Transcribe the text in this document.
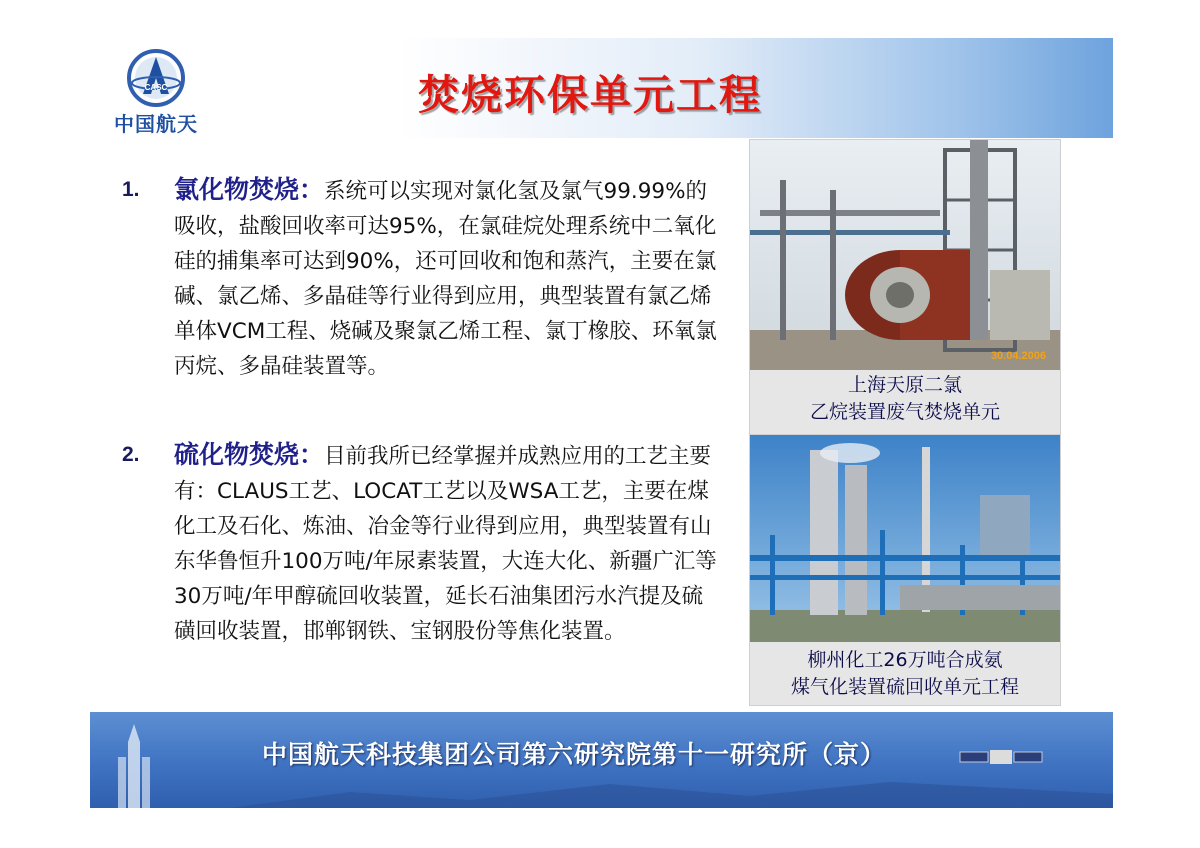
CASC
中国航天
焚烧环保单元工程
1. 氯化物焚烧：系统可以实现对氯化氢及氯气99.99%的吸收，盐酸回收率可达95%，在氯硅烷处理系统中二氧化硅的捕集率可达到90%，还可回收和饱和蒸汽，主要在氯碱、氯乙烯、多晶硅等行业得到应用，典型装置有氯乙烯单体VCM工程、烧碱及聚氯乙烯工程、氯丁橡胶、环氧氯丙烷、多晶硅装置等。
2. 硫化物焚烧：目前我所已经掌握并成熟应用的工艺主要有：CLAUS工艺、LOCAT工艺以及WSA工艺，主要在煤化工及石化、炼油、冶金等行业得到应用，典型装置有山东华鲁恒升100万吨/年尿素装置，大连大化、新疆广汇等30万吨/年甲醇硫回收装置，延长石油集团污水汽提及硫磺回收装置，邯郸钢铁、宝钢股份等焦化装置。
30.04.2006
上海天原二氯
乙烷装置废气焚烧单元
柳州化工26万吨合成氨
煤气化装置硫回收单元工程
中国航天科技集团公司第六研究院第十一研究所（京）
